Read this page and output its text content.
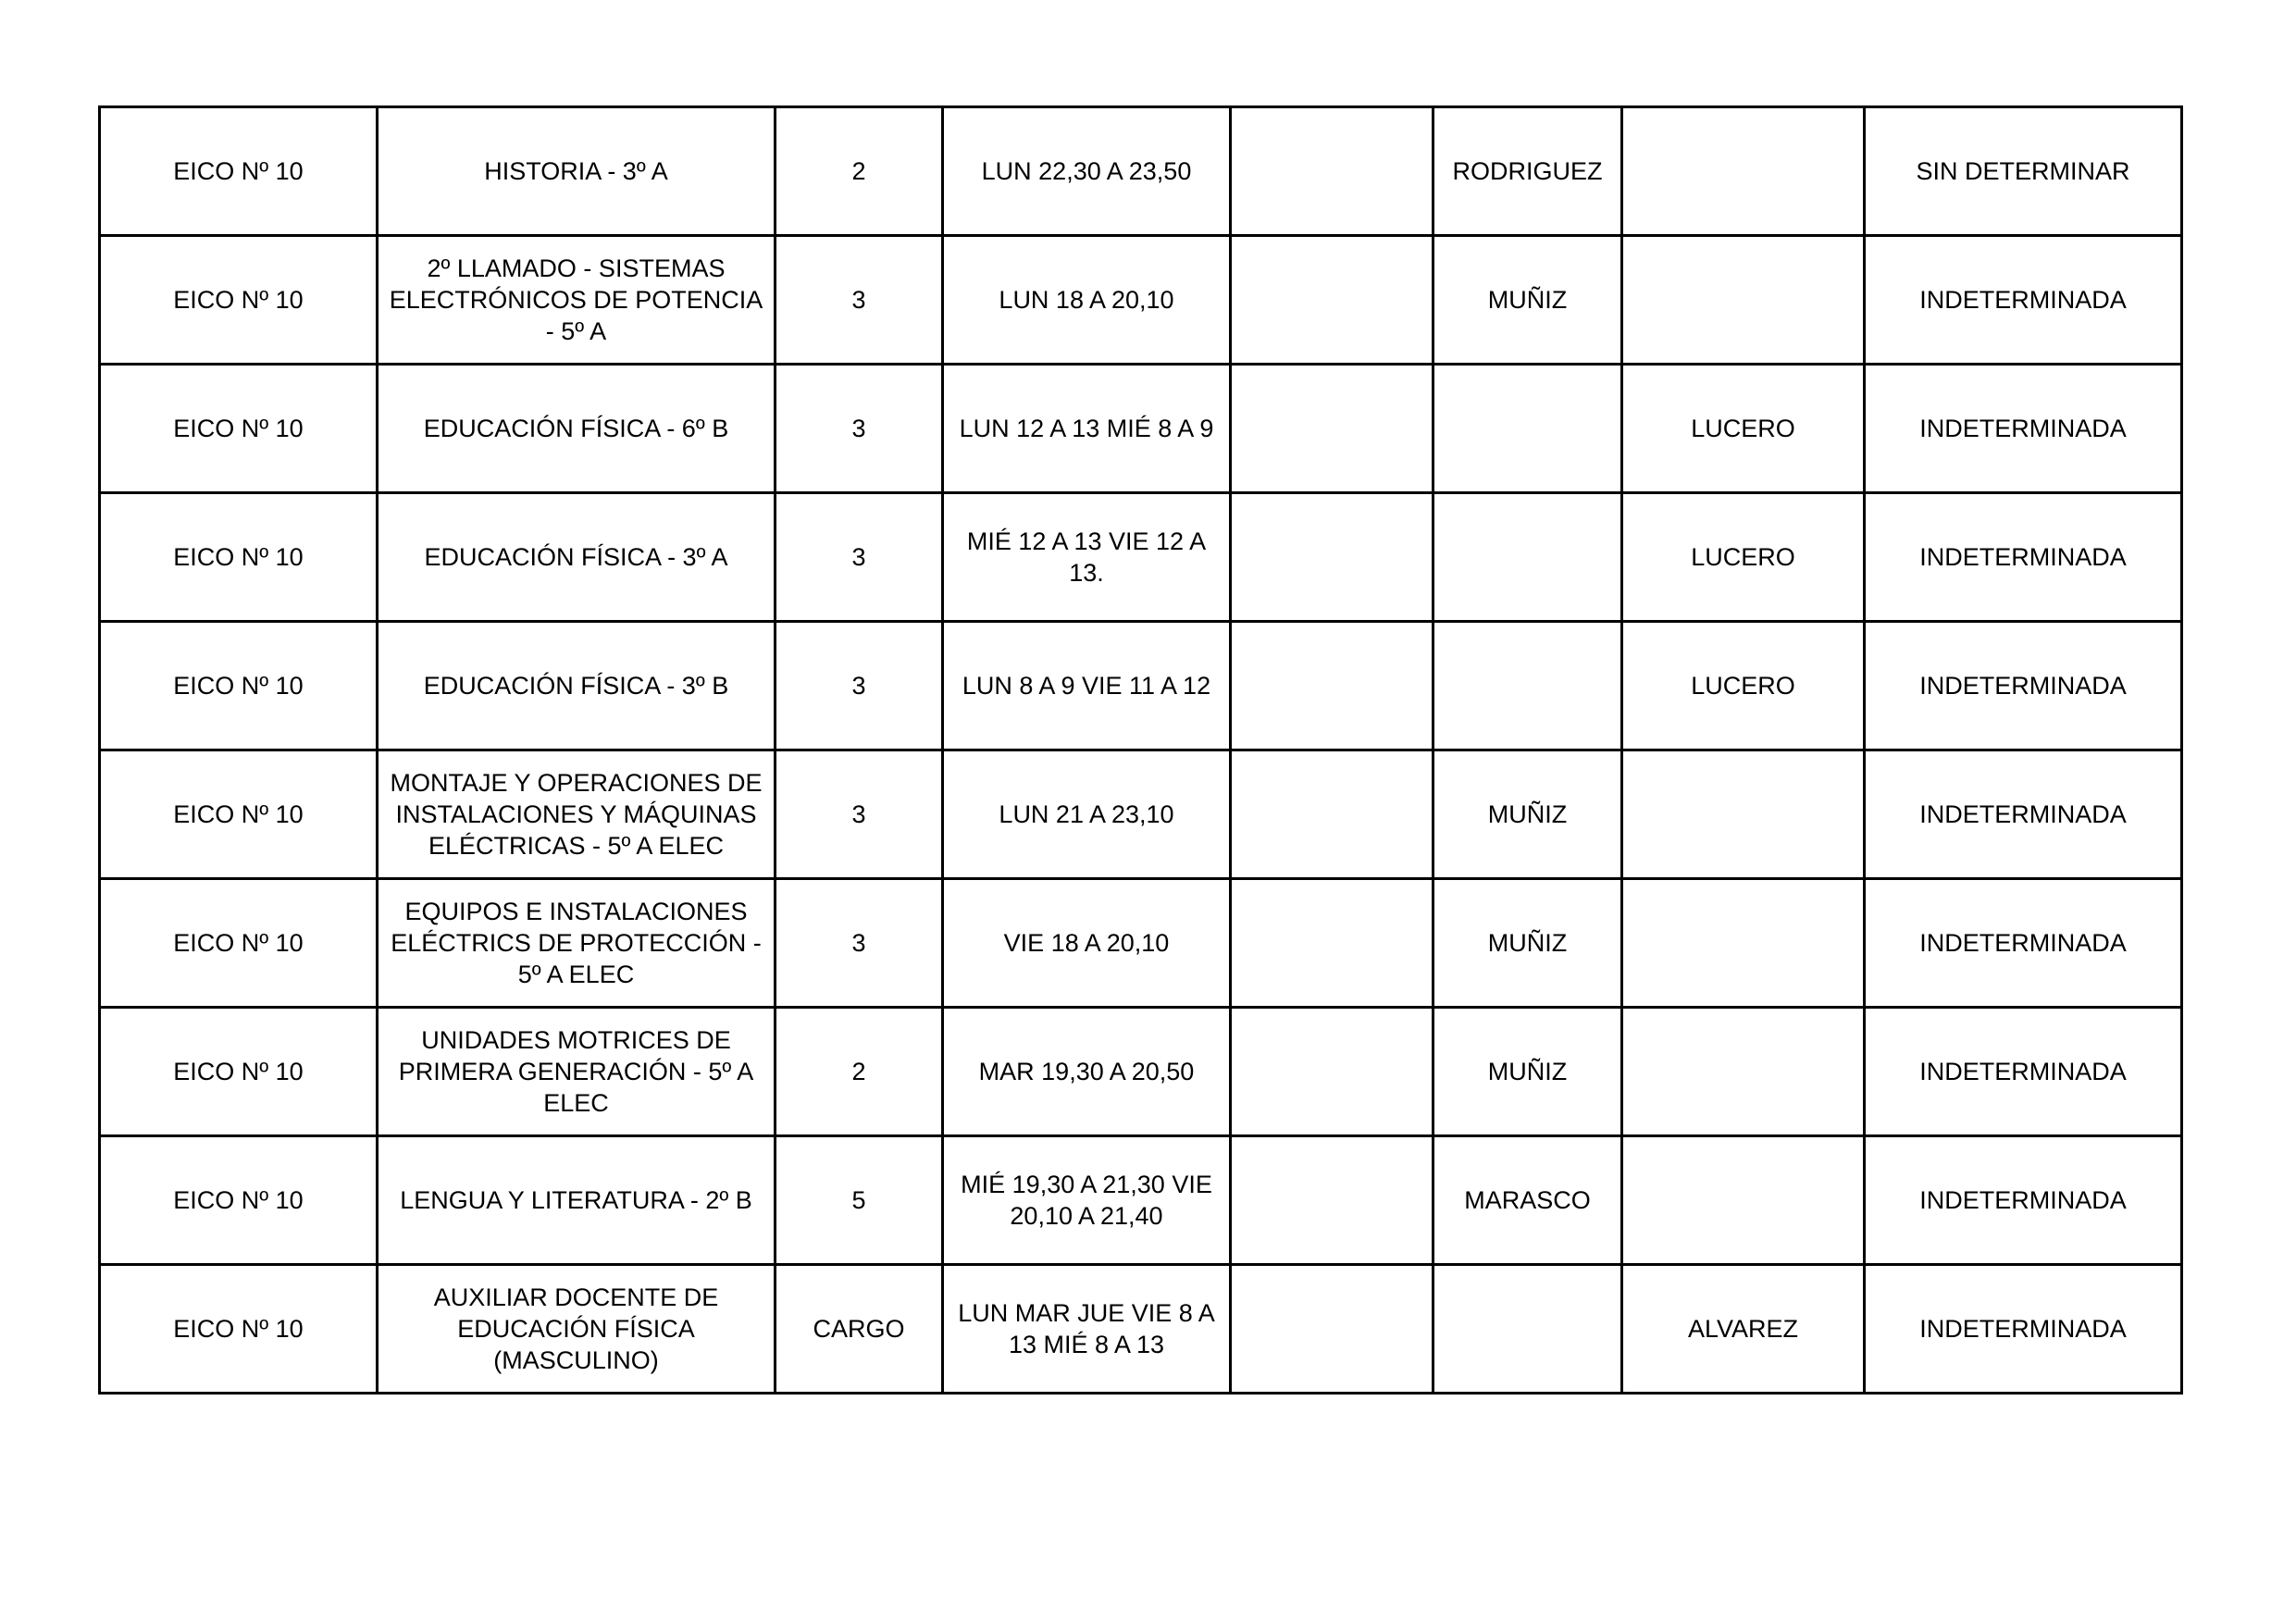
EICO Nº 10	HISTORIA - 3º A	2	LUN 22,30 A 23,50		RODRIGUEZ		SIN DETERMINAR
EICO Nº 10	2º LLAMADO - SISTEMAS ELECTRÓNICOS DE POTENCIA - 5º A	3	LUN 18 A 20,10		MUÑIZ		INDETERMINADA
EICO Nº 10	EDUCACIÓN FÍSICA - 6º B	3	LUN 12 A 13 MIÉ 8 A 9			LUCERO	INDETERMINADA
EICO Nº 10	EDUCACIÓN FÍSICA - 3º A	3	MIÉ 12 A 13 VIE 12 A 13.			LUCERO	INDETERMINADA
EICO Nº 10	EDUCACIÓN FÍSICA - 3º B	3	LUN 8 A 9 VIE 11 A 12			LUCERO	INDETERMINADA
EICO Nº 10	MONTAJE Y OPERACIONES DE INSTALACIONES Y MÁQUINAS ELÉCTRICAS - 5º A ELEC	3	LUN 21 A 23,10		MUÑIZ		INDETERMINADA
EICO Nº 10	EQUIPOS E INSTALACIONES ELÉCTRICS DE PROTECCIÓN - 5º A ELEC	3	VIE 18 A 20,10		MUÑIZ		INDETERMINADA
EICO Nº 10	UNIDADES MOTRICES DE PRIMERA GENERACIÓN - 5º A ELEC	2	MAR 19,30 A 20,50		MUÑIZ		INDETERMINADA
EICO Nº 10	LENGUA Y LITERATURA - 2º B	5	MIÉ 19,30 A 21,30 VIE 20,10 A 21,40		MARASCO		INDETERMINADA
EICO Nº 10	AUXILIAR DOCENTE DE EDUCACIÓN FÍSICA (MASCULINO)	CARGO	LUN MAR JUE VIE 8 A 13 MIÉ 8 A 13			ALVAREZ	INDETERMINADA
